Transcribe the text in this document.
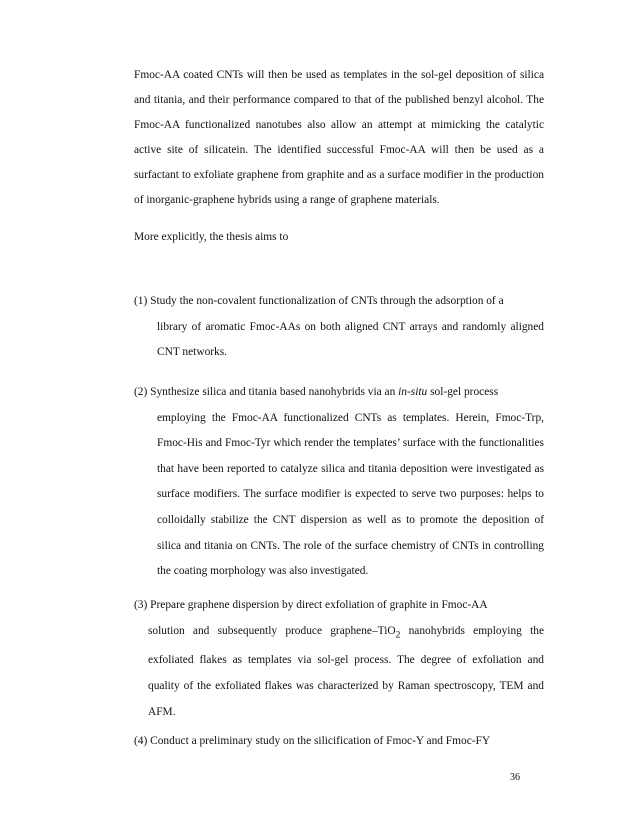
Fmoc-AA coated CNTs will then be used as templates in the sol-gel deposition of silica and titania, and their performance compared to that of the published benzyl alcohol. The Fmoc-AA functionalized nanotubes also allow an attempt at mimicking the catalytic active site of silicatein. The identified successful Fmoc-AA will then be used as a surfactant to exfoliate graphene from graphite and as a surface modifier in the production of inorganic-graphene hybrids using a range of graphene materials.

More explicitly, the thesis aims to

(1) Study the non-covalent functionalization of CNTs through the adsorption of a
library of aromatic Fmoc-AAs on both aligned CNT arrays and randomly aligned CNT networks.

(2) Synthesize silica and titania based nanohybrids via an in-situ sol-gel process
employing the Fmoc-AA functionalized CNTs as templates. Herein, Fmoc-Trp, Fmoc-His and Fmoc-Tyr which render the templates’ surface with the functionalities that have been reported to catalyze silica and titania deposition were investigated as surface modifiers. The surface modifier is expected to serve two purposes: helps to colloidally stabilize the CNT dispersion as well as to promote the deposition of silica and titania on CNTs. The role of the surface chemistry of CNTs in controlling the coating morphology was also investigated.

(3) Prepare graphene dispersion by direct exfoliation of graphite in Fmoc-AA
solution and subsequently produce graphene–TiO$_2$ nanohybrids employing the exfoliated flakes as templates via sol-gel process. The degree of exfoliation and quality of the exfoliated flakes was characterized by Raman spectroscopy, TEM and AFM.

(4) Conduct a preliminary study on the silicification of Fmoc-Y and Fmoc-FY

36
